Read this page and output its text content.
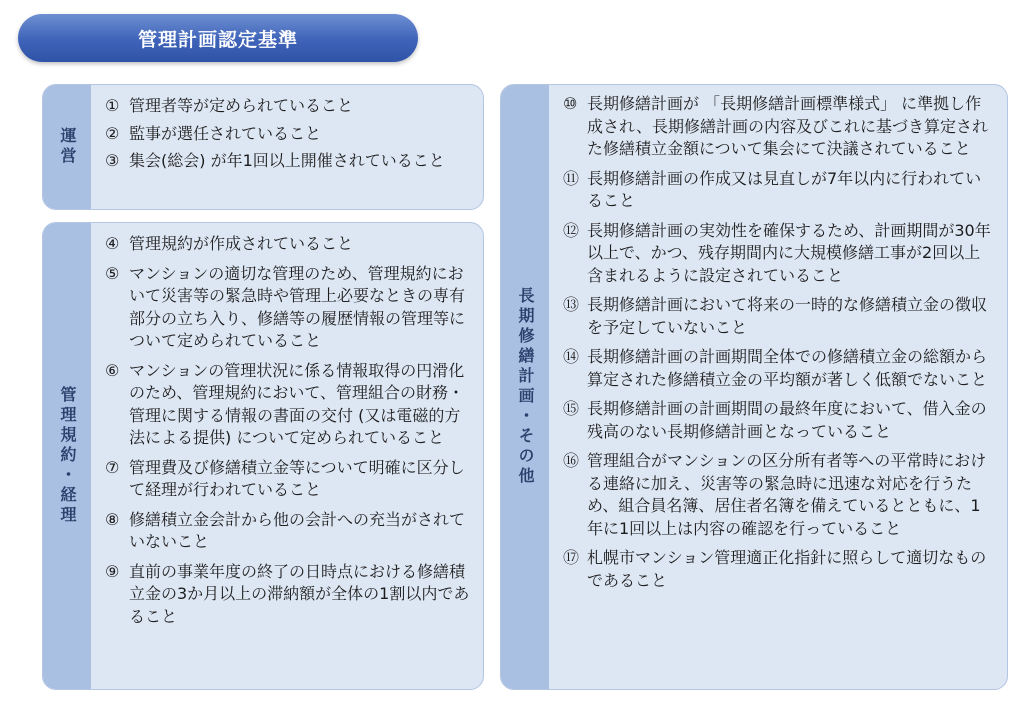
管理計画認定基準
運営
① 管理者等が定められていること
② 監事が選任されていること
③ 集会(総会) が年1回以上開催されていること
管理規約・経理
④ 管理規約が作成されていること
⑤ マンションの適切な管理のため、管理規約において災害等の緊急時や管理上必要なときの専有部分の立ち入り、修繕等の履歴情報の管理等について定められていること
⑥ マンションの管理状況に係る情報取得の円滑化のため、管理規約において、管理組合の財務・管理に関する情報の書面の交付 (又は電磁的方法による提供) について定められていること
⑦ 管理費及び修繕積立金等について明確に区分して経理が行われていること
⑧ 修繕積立金会計から他の会計への充当がされていないこと
⑨ 直前の事業年度の終了の日時点における修繕積立金の3か月以上の滞納額が全体の1割以内であること
長期修繕計画・その他
⑩ 長期修繕計画が 「長期修繕計画標準様式」 に準拠し作成され、長期修繕計画の内容及びこれに基づき算定された修繕積立金額について集会にて決議されていること
⑪ 長期修繕計画の作成又は見直しが7年以内に行われていること
⑫ 長期修繕計画の実効性を確保するため、計画期間が30年以上で、かつ、残存期間内に大規模修繕工事が2回以上含まれるように設定されていること
⑬ 長期修繕計画において将来の一時的な修繕積立金の徴収を予定していないこと
⑭ 長期修繕計画の計画期間全体での修繕積立金の総額から算定された修繕積立金の平均額が著しく低額でないこと
⑮ 長期修繕計画の計画期間の最終年度において、借入金の残高のない長期修繕計画となっていること
⑯ 管理組合がマンションの区分所有者等への平常時における連絡に加え、災害等の緊急時に迅速な対応を行うため、組合員名簿、居住者名簿を備えているとともに、1年に1回以上は内容の確認を行っていること
⑰ 札幌市マンション管理適正化指針に照らして適切なものであること
